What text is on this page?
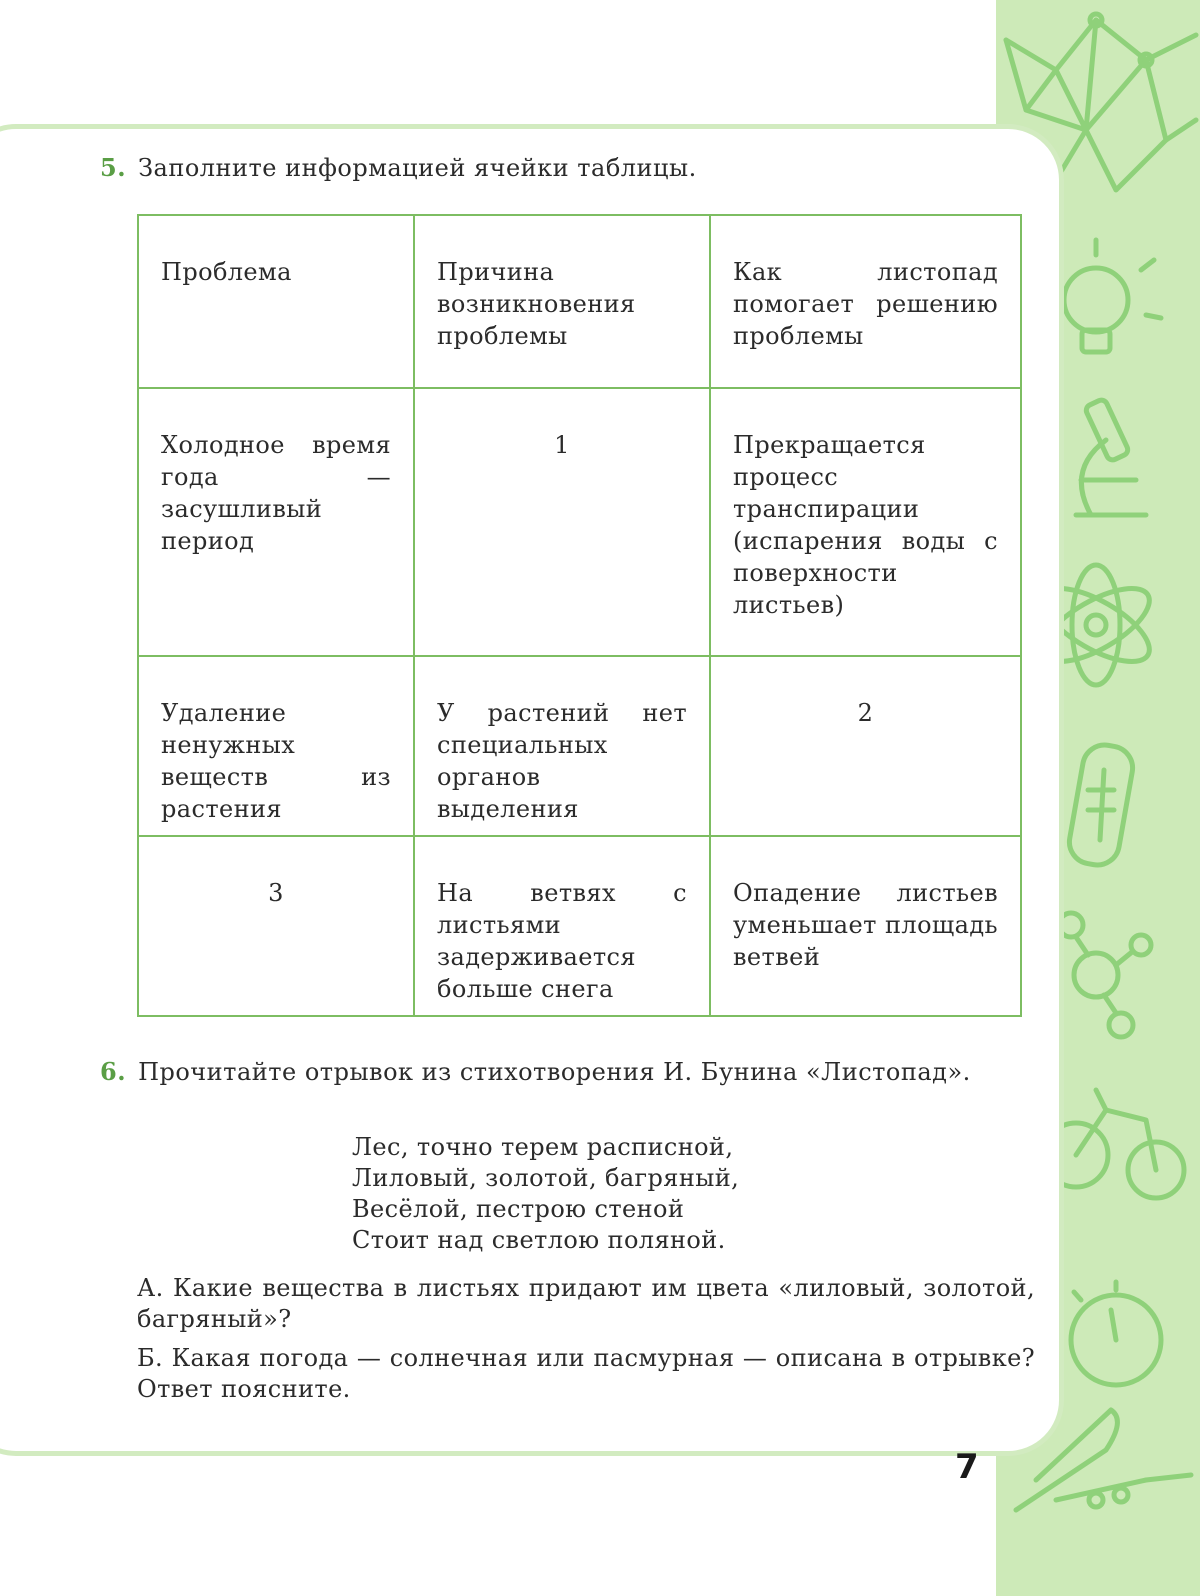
5. Заполните информацией ячейки таблицы.
Проблема	Причина возникновения проблемы	Как листопад помогает решению проблемы
Холодное время года — засушливый период	1	Прекращается процесс транспирации (испарения воды с поверхности листьев)
Удаление ненужных веществ из растения	У растений нет специальных органов выделения	2
3	На ветвях с листьями задерживается больше снега	Опадение листьев уменьшает площадь ветвей
6. Прочитайте отрывок из стихотворения И. Бунина «Листопад».
Лес, точно терем расписной,
Лиловый, золотой, багряный,
Весёлой, пестрою стеной
Стоит над светлою поляной.
А. Какие вещества в листьях придают им цвета «лиловый, золотой, багряный»?
Б. Какая погода — солнечная или пасмурная — описана в отрывке? Ответ поясните.
7
